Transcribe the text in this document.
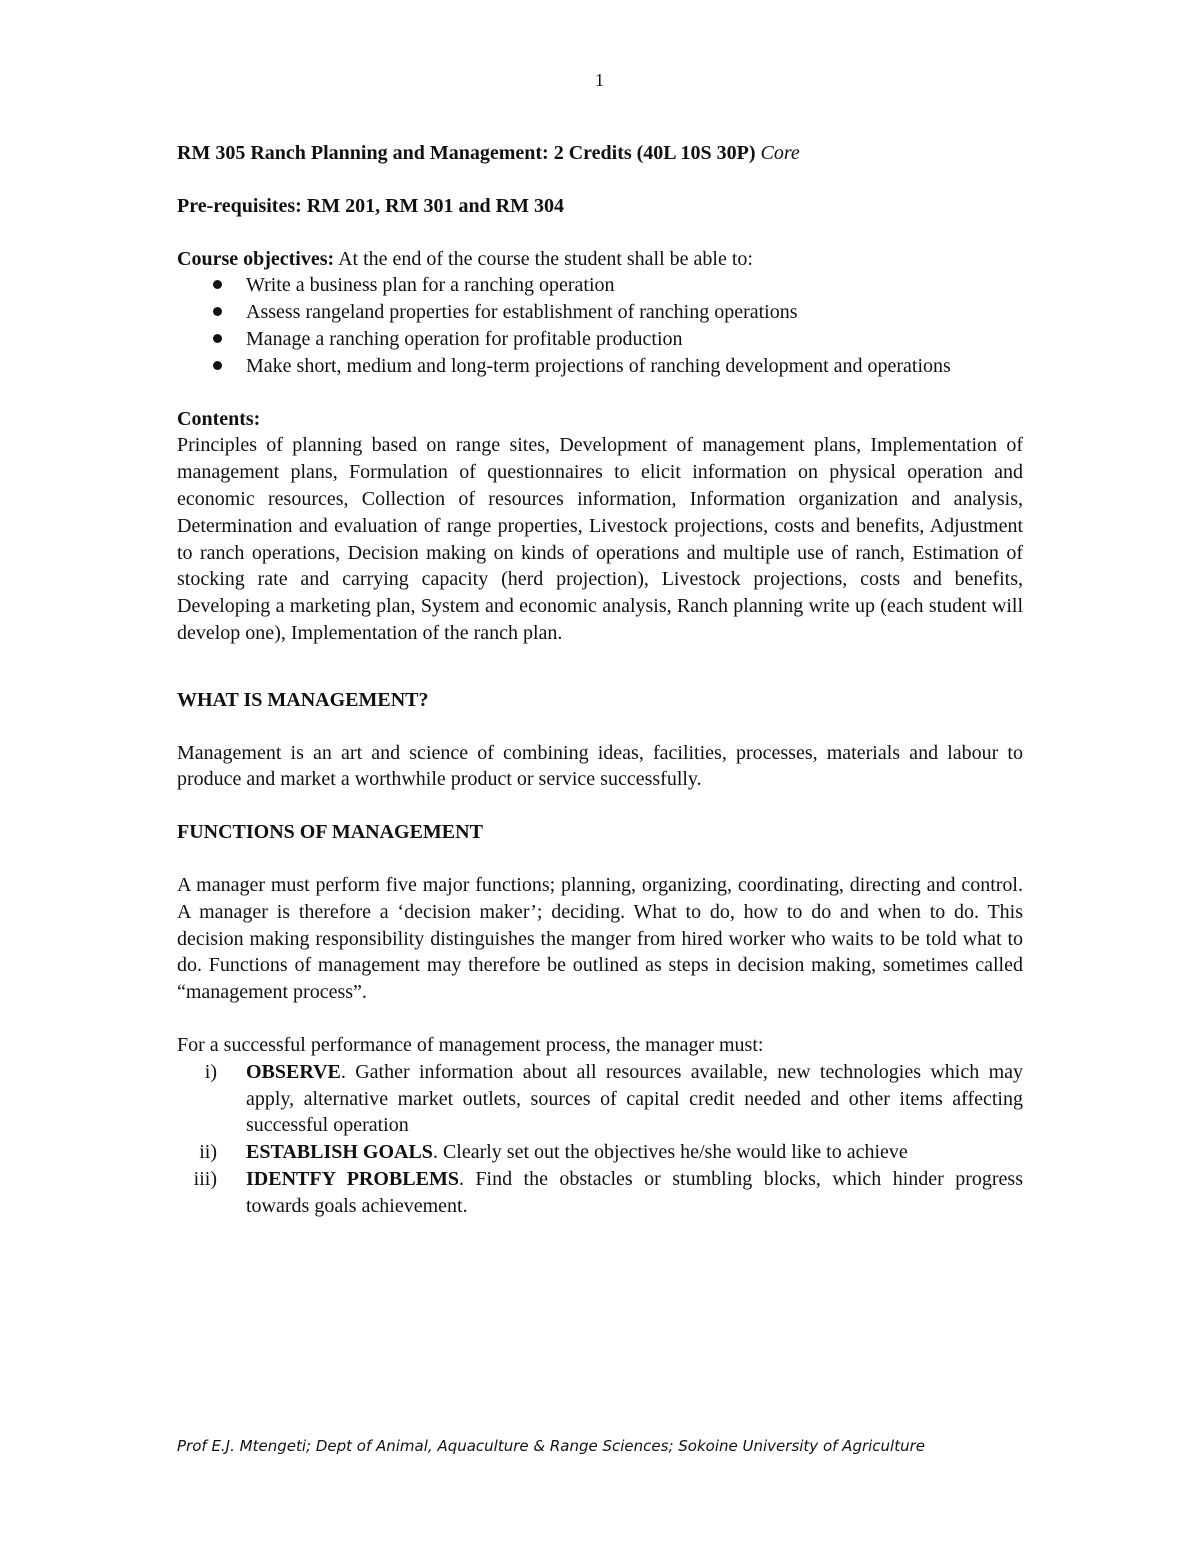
1

RM 305 Ranch Planning and Management: 2 Credits (40L 10S 30P) Core

Pre-requisites: RM 201, RM 301 and RM 304

Course objectives: At the end of the course the student shall be able to:

Write a business plan for a ranching operation
Assess rangeland properties for establishment of ranching operations
Manage a ranching operation for profitable production
Make short, medium and long-term projections of ranching development and operations

Contents:

Principles of planning based on range sites, Development of management plans, Implementation of management plans, Formulation of questionnaires to elicit information on physical operation and economic resources, Collection of resources information, Information organization and analysis, Determination and evaluation of range properties, Livestock projections, costs and benefits, Adjustment to ranch operations, Decision making on kinds of operations and multiple use of ranch, Estimation of stocking rate and carrying capacity (herd projection), Livestock projections, costs and benefits, Developing a marketing plan, System and economic analysis, Ranch planning write up (each student will develop one), Implementation of the ranch plan.

WHAT IS MANAGEMENT?

Management is an art and science of combining ideas, facilities, processes, materials and labour to produce and market a worthwhile product or service successfully.

FUNCTIONS OF MANAGEMENT

A manager must perform five major functions; planning, organizing, coordinating, directing and control. A manager is therefore a ‘decision maker’; deciding. What to do, how to do and when to do. This decision making responsibility distinguishes the manger from hired worker who waits to be told what to do. Functions of management may therefore be outlined as steps in decision making, sometimes called “management process”.

For a successful performance of management process, the manager must:

i) OBSERVE. Gather information about all resources available, new technologies which may apply, alternative market outlets, sources of capital credit needed and other items affecting successful operation
ii) ESTABLISH GOALS. Clearly set out the objectives he/she would like to achieve
iii) IDENTFY PROBLEMS. Find the obstacles or stumbling blocks, which hinder progress towards goals achievement.
Prof E.J. Mtengeti; Dept of Animal, Aquaculture & Range Sciences; Sokoine University of Agriculture
